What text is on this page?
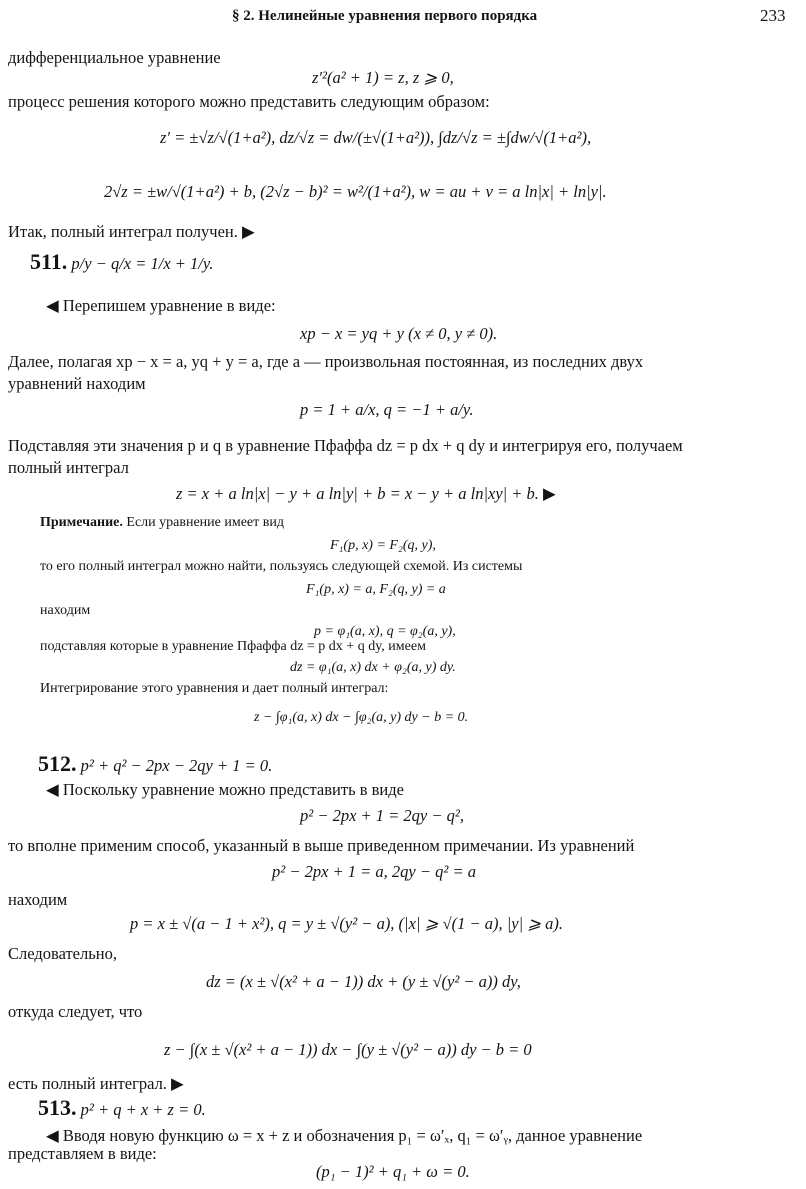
§ 2. Нелинейные уравнения первого порядка	233
дифференциальное уравнение
z′²(a² + 1) = z, z ⩾ 0,
процесс решения которого можно представить следующим образом:
z′ = ±√z/√(1+a²), dz/√z = dw/(±√(1+a²)), ∫dz/√z = ±∫dw/√(1+a²),
2√z = ±w/√(1+a²) + b, (2√z − b)² = w²/(1+a²), w = au + v = a ln|x| + ln|y|.
Итак, полный интеграл получен. ▶
511. p/y − q/x = 1/x + 1/y.
◀ Перепишем уравнение в виде:
xp − x = yq + y (x ≠ 0, y ≠ 0).
Далее, полагая xp − x = a, yq + y = a, где a — произвольная постоянная, из последних двух
уравнений находим
p = 1 + a/x, q = −1 + a/y.
Подставляя эти значения p и q в уравнение Пфаффа dz = p dx + q dy и интегрируя его, получаем
полный интеграл
z = x + a ln|x| − y + a ln|y| + b = x − y + a ln|xy| + b. ▶
Примечание. Если уравнение имеет вид
F₁(p, x) = F₂(q, y),
то его полный интеграл можно найти, пользуясь следующей схемой. Из системы
F₁(p, x) = a, F₂(q, y) = a
находим
p = φ₁(a, x), q = φ₂(a, y),
подставляя которые в уравнение Пфаффа dz = p dx + q dy, имеем
dz = φ₁(a, x) dx + φ₂(a, y) dy.
Интегрирование этого уравнения и дает полный интеграл:
z − ∫φ₁(a, x) dx − ∫φ₂(a, y) dy − b = 0.
512. p² + q² − 2px − 2qy + 1 = 0.
◀ Поскольку уравнение можно представить в виде
p² − 2px + 1 = 2qy − q²,
то вполне применим способ, указанный в выше приведенном примечании. Из уравнений
p² − 2px + 1 = a, 2qy − q² = a
находим
p = x ± √(a − 1 + x²), q = y ± √(y² − a), (|x| ⩾ √(1 − a), |y| ⩾ a).
Следовательно,
dz = (x ± √(x² + a − 1)) dx + (y ± √(y² − a)) dy,
откуда следует, что
z − ∫(x ± √(x² + a − 1)) dx − ∫(y ± √(y² − a)) dy − b = 0
есть полный интеграл. ▶
513. p² + q + x + z = 0.
◀ Вводя новую функцию ω = x + z и обозначения p₁ = ω′ₓ, q₁ = ω′ᵧ, данное уравнение
представляем в виде:
(p₁ − 1)² + q₁ + ω = 0.
